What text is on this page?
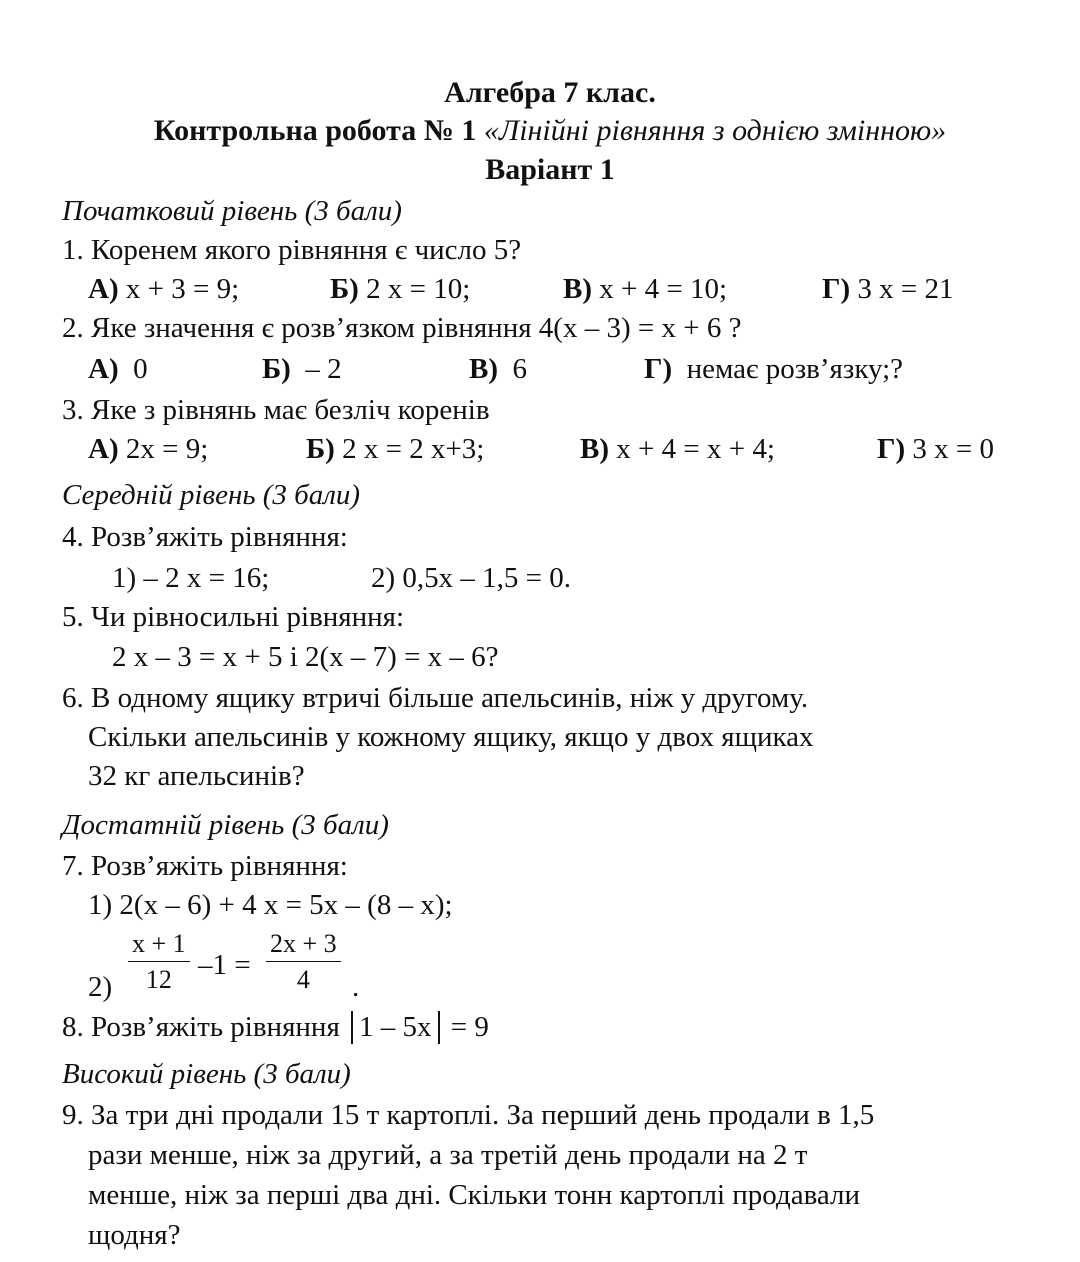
Алгебра 7 клас.
Контрольна робота № 1 «Лінійні рівняння з однією змінною»
Варіант 1
Початковий рівень (3 бали)
1. Коренем якого рівняння є число 5?
А) x + 3 = 9;	Б) 2 x = 10;	В) x + 4 = 10;	Г) 3 x = 21
2. Яке значення є розв’язком рівняння 4(x – 3) = x + 6 ?
А) 0	Б) – 2	В) 6	Г) немає розв’язку;?
3. Яке з рівнянь має безліч коренів
А) 2x = 9;	Б) 2 x = 2 x+3;	В) x + 4 = x + 4;	Г) 3 x = 0
Середній рівень (3 бали)
4. Розв’яжіть рівняння:
1) – 2 x = 16;	2) 0,5x – 1,5 = 0.
5. Чи рівносильні рівняння:
2 x – 3 = x + 5 і 2(x – 7) = x – 6?
6. В одному ящику втричі більше апельсинів, ніж у другому.
Скільки апельсинів у кожному ящику, якщо у двох ящиках
32 кг апельсинів?
Достатній рівень (3 бали)
7. Розв’яжіть рівняння:
1) 2(x – 6) + 4 x = 5x – (8 – x);
$2) \frac{x + 1}{12} -1 = \frac{2x + 3}{4}$ .
8. Розв’яжіть рівняння 1 – 5x = 9
Високий рівень (3 бали)
9. За три дні продали 15 т картоплі. За перший день продали в 1,5
рази менше, ніж за другий, а за третій день продали на 2 т
менше, ніж за перші два дні. Скільки тонн картоплі продавали
щодня?
